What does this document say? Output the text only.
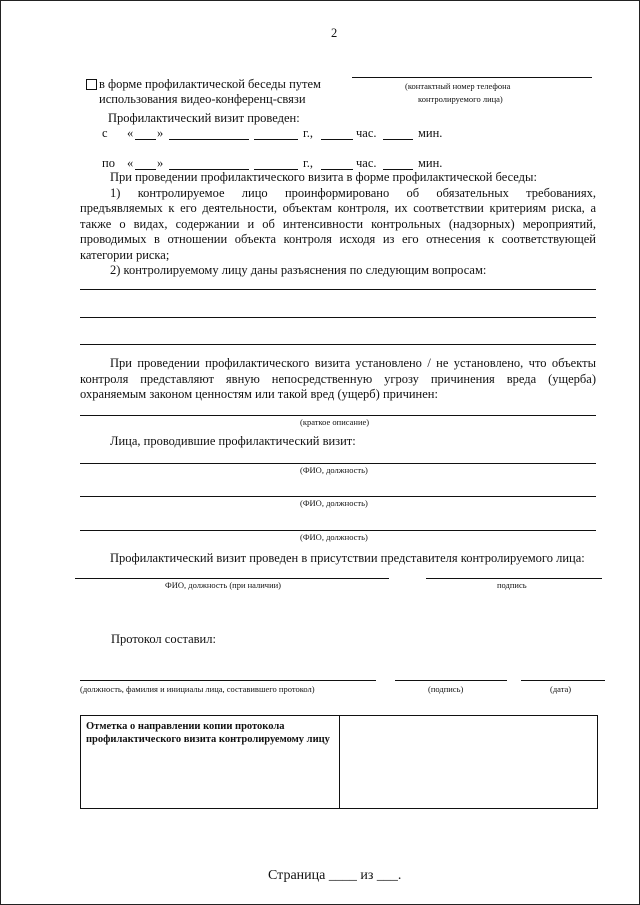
2
в форме профилактической беседы путем
использования видео-конференц-связи
(контактный номер телефона
контролируемого лица)
Профилактический визит проведен:
с « »	г.,	час.	мин.
по « »	г.,	час.	мин.

При проведении профилактического визита в форме профилактической беседы:

1) контролируемое лицо проинформировано об обязательных требованиях, предъявляемых к его деятельности, объектам контроля, их соответствии критериям риска, а также о видах, содержании и об интенсивности контрольных (надзорных) мероприятий, проводимых в отношении объекта контроля исходя из его отнесения к соответствующей категории риска;

2) контролируемому лицу даны разъяснения по следующим вопросам:

При проведении профилактического визита установлено / не установлено, что объекты контроля представляют явную непосредственную угрозу причинения вреда (ущерба) охраняемым законом ценностям или такой вред (ущерб) причинен:

(краткое описание)
Лица, проводившие профилактический визит:
(ФИО, должность)
(ФИО, должность)
(ФИО, должность)
Профилактический визит проведен в присутствии представителя контролируемого лица:
ФИО, должность (при наличии)	подпись
Протокол составил:
(должность, фамилия и инициалы лица, составившего протокол)	(подпись)	(дата)
Отметка о направлении копии протокола профилактического визита контролируемому лицу
Страница ____ из ___.
